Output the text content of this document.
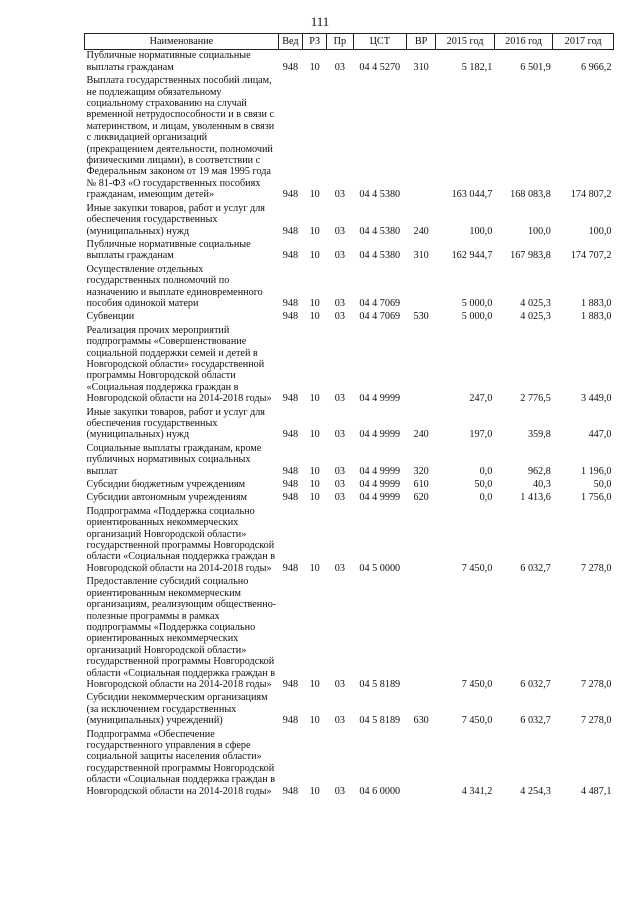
111
Наименование	Вед	РЗ	Пр	ЦСТ	ВР	2015 год	2016 год	2017 год
Публичные нормативные социальные выплаты гражданам	948	10	03	04 4 5270	310	5 182,1	6 501,9	6 966,2
Выплата государственных пособий лицам, не подлежащим обязательному социальному страхованию на случай временной нетрудоспособности и в связи с материнством, и лицам, уволенным в связи с ликвидацией организаций (прекращением деятельности, полномочий физическими лицами), в соответствии с Федеральным законом от 19 мая 1995 года № 81-ФЗ «О государственных пособиях гражданам, имеющим детей»	948	10	03	04 4 5380		163 044,7	168 083,8	174 807,2
Иные закупки товаров, работ и услуг для обеспечения государственных (муниципальных) нужд	948	10	03	04 4 5380	240	100,0	100,0	100,0
Публичные нормативные социальные выплаты гражданам	948	10	03	04 4 5380	310	162 944,7	167 983,8	174 707,2
Осуществление отдельных государственных полномочий по назначению и выплате единовременного пособия одинокой матери	948	10	03	04 4 7069		5 000,0	4 025,3	1 883,0
Субвенции	948	10	03	04 4 7069	530	5 000,0	4 025,3	1 883,0
Реализация прочих мероприятий подпрограммы «Совершенствование социальной поддержки семей и детей в Новгородской области» государственной программы Новгородской области «Социальная поддержка граждан в Новгородской области на 2014-2018 годы»	948	10	03	04 4 9999		247,0	2 776,5	3 449,0
Иные закупки товаров, работ и услуг для обеспечения государственных (муниципальных) нужд	948	10	03	04 4 9999	240	197,0	359,8	447,0
Социальные выплаты гражданам, кроме публичных нормативных социальных выплат	948	10	03	04 4 9999	320	0,0	962,8	1 196,0
Субсидии бюджетным учреждениям	948	10	03	04 4 9999	610	50,0	40,3	50,0
Субсидии автономным учреждениям	948	10	03	04 4 9999	620	0,0	1 413,6	1 756,0
Подпрограмма «Поддержка социально ориентированных некоммерческих организаций Новгородской области» государственной программы Новгородской области «Социальная поддержка граждан в Новгородской области на 2014-2018 годы»	948	10	03	04 5 0000		7 450,0	6 032,7	7 278,0
Предоставление субсидий социально ориентированным некоммерческим организациям, реализующим общественно-полезные программы в рамках подпрограммы «Поддержка социально ориентированных некоммерческих организаций Новгородской области» государственной программы Новгородской области «Социальная поддержка граждан в Новгородской области на 2014-2018 годы»	948	10	03	04 5 8189		7 450,0	6 032,7	7 278,0
Субсидии некоммерческим организациям (за исключением государственных (муниципальных) учреждений)	948	10	03	04 5 8189	630	7 450,0	6 032,7	7 278,0
Подпрограмма «Обеспечение государственного управления в сфере социальной защиты населения области» государственной программы Новгородской области «Социальная поддержка граждан в Новгородской области на 2014-2018 годы»	948	10	03	04 6 0000		4 341,2	4 254,3	4 487,1
